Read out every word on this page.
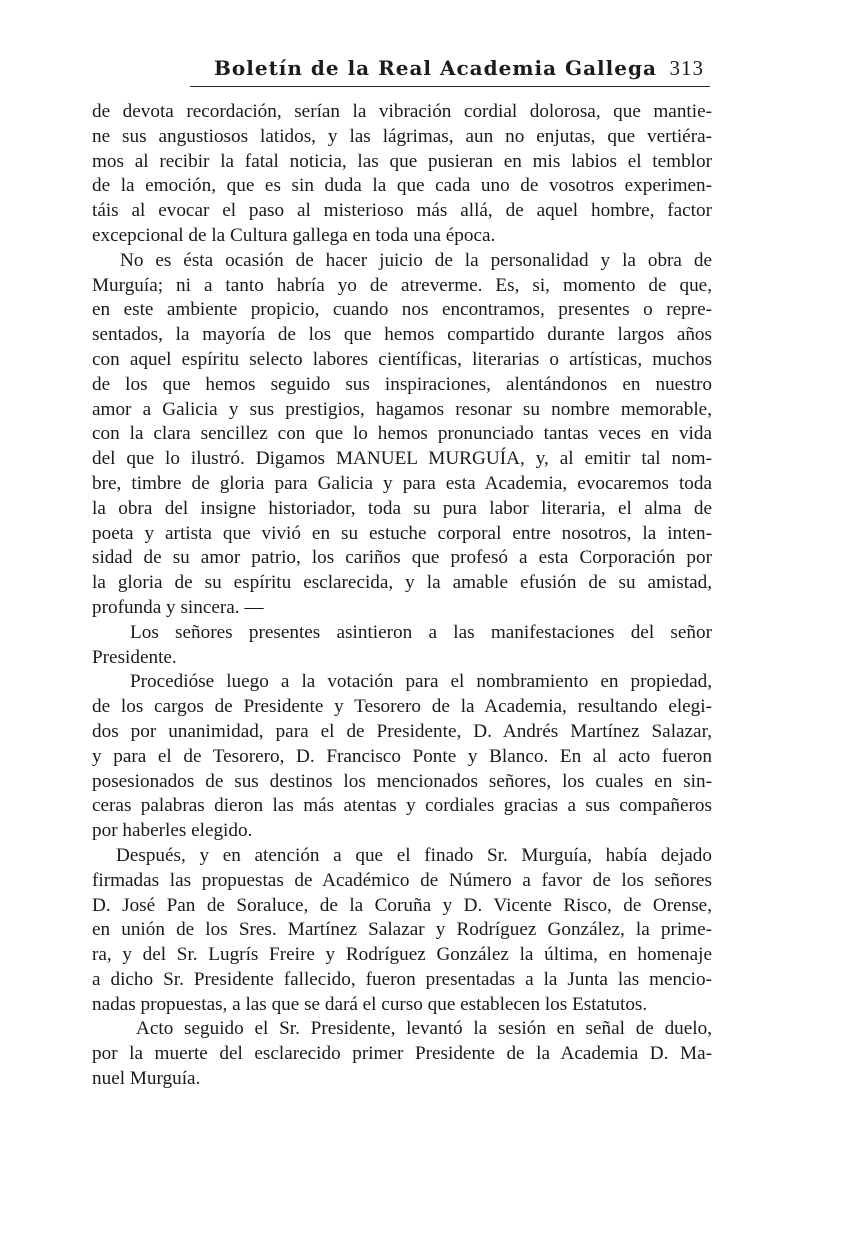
Boletín de la Real Academia Gallega 313
de devota recordación, serían la vibración cordial dolorosa, que mantie-
ne sus angustiosos latidos, y las lágrimas, aun no enjutas, que vertiéra-
mos al recibir la fatal noticia, las que pusieran en mis labios el temblor
de la emoción, que es sin duda la que cada uno de vosotros experimen-
táis al evocar el paso al misterioso más allá, de aquel hombre, factor
excepcional de la Cultura gallega en toda una época.
No es ésta ocasión de hacer juicio de la personalidad y la obra de
Murguía; ni a tanto habría yo de atreverme. Es, si, momento de que,
en este ambiente propicio, cuando nos encontramos, presentes o repre-
sentados, la mayoría de los que hemos compartido durante largos años
con aquel espíritu selecto labores científicas, literarias o artísticas, muchos
de los que hemos seguido sus inspiraciones, alentándonos en nuestro
amor a Galicia y sus prestigios, hagamos resonar su nombre memorable,
con la clara sencillez con que lo hemos pronunciado tantas veces en vida
del que lo ilustró. Digamos MANUEL MURGUÍA, y, al emitir tal nom-
bre, timbre de gloria para Galicia y para esta Academia, evocaremos toda
la obra del insigne historiador, toda su pura labor literaria, el alma de
poeta y artista que vivió en su estuche corporal entre nosotros, la inten-
sidad de su amor patrio, los cariños que profesó a esta Corporación por
la gloria de su espíritu esclarecida, y la amable efusión de su amistad,
profunda y sincera. —
Los señores presentes asintieron a las manifestaciones del señor
Presidente.
Procedióse luego a la votación para el nombramiento en propiedad,
de los cargos de Presidente y Tesorero de la Academia, resultando elegi-
dos por unanimidad, para el de Presidente, D. Andrés Martínez Salazar,
y para el de Tesorero, D. Francisco Ponte y Blanco. En al acto fueron
posesionados de sus destinos los mencionados señores, los cuales en sin-
ceras palabras dieron las más atentas y cordiales gracias a sus compañeros
por haberles elegido.
Después, y en atención a que el finado Sr. Murguía, había dejado
firmadas las propuestas de Académico de Número a favor de los señores
D. José Pan de Soraluce, de la Coruña y D. Vicente Risco, de Orense,
en unión de los Sres. Martínez Salazar y Rodríguez González, la prime-
ra, y del Sr. Lugrís Freire y Rodríguez González la última, en homenaje
a dicho Sr. Presidente fallecido, fueron presentadas a la Junta las mencio-
nadas propuestas, a las que se dará el curso que establecen los Estatutos.
Acto seguido el Sr. Presidente, levantó la sesión en señal de duelo,
por la muerte del esclarecido primer Presidente de la Academia D. Ma-
nuel Murguía.
